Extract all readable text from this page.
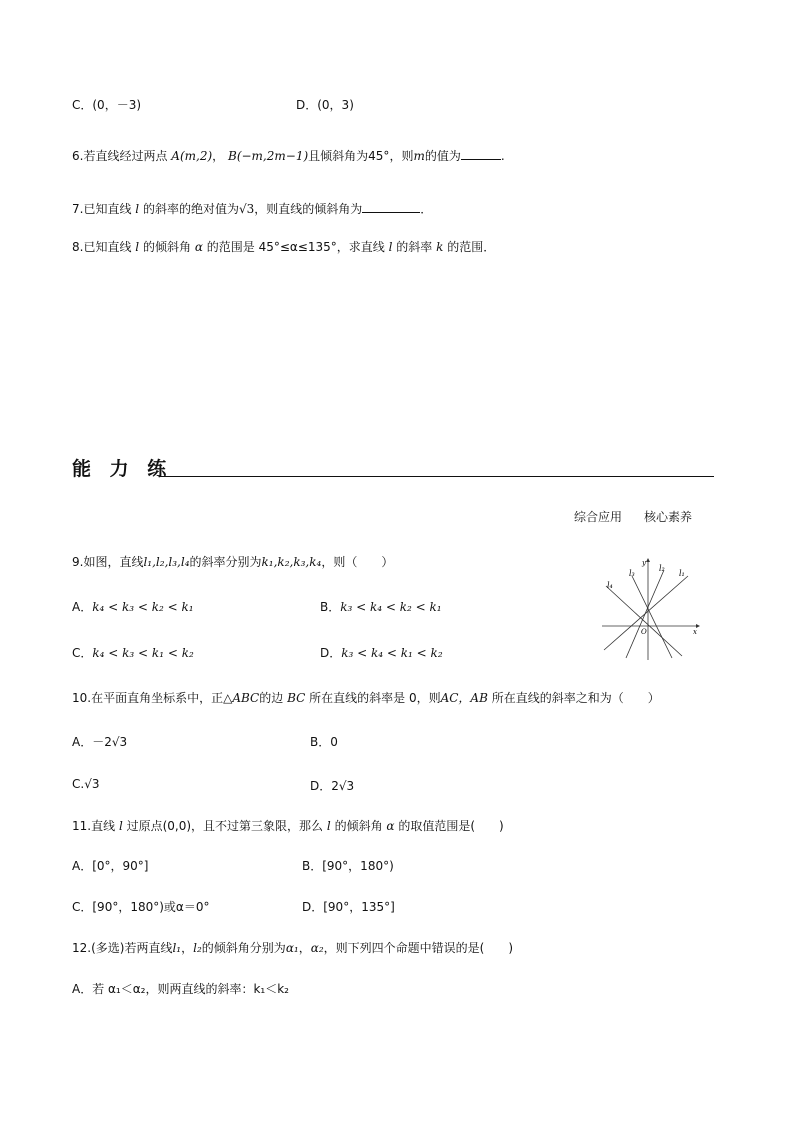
C．(0，－3)	D．(0，3)
6.若直线经过两点 A(m,2)， B(−m,2m−1)且倾斜角为45°，则m的值为	.
7.已知直线 l 的斜率的绝对值为√3，则直线的倾斜角为	．
8.已知直线 l 的倾斜角 α 的范围是 45°≤α≤135°，求直线 l 的斜率 k 的范围．
能 力 练
综合应用 核心素养
9.如图，直线l₁,l₂,l₃,l₄的斜率分别为k₁,k₂,k₃,k₄，则（　　）
A．k₄ < k₃ < k₂ < k₁	B．k₃ < k₄ < k₂ < k₁
C．k₄ < k₃ < k₁ < k₂	D．k₃ < k₄ < k₁ < k₂
l₄
l₃
l₂
l₁
y
x
O
10.在平面直角坐标系中，正△ABC的边 BC 所在直线的斜率是 0，则AC，AB 所在直线的斜率之和为（　　）
A．－2√3	B．0
C.√3	D．2√3
11.直线 l 过原点(0,0)，且不过第三象限，那么 l 的倾斜角 α 的取值范围是(　　)
A．[0°，90°]	B．[90°，180°)
C．[90°，180°)或α＝0°	D．[90°，135°]
12.(多选)若两直线l₁，l₂的倾斜角分别为α₁，α₂，则下列四个命题中错误的是(　　)
A．若 α₁＜α₂，则两直线的斜率：k₁＜k₂
